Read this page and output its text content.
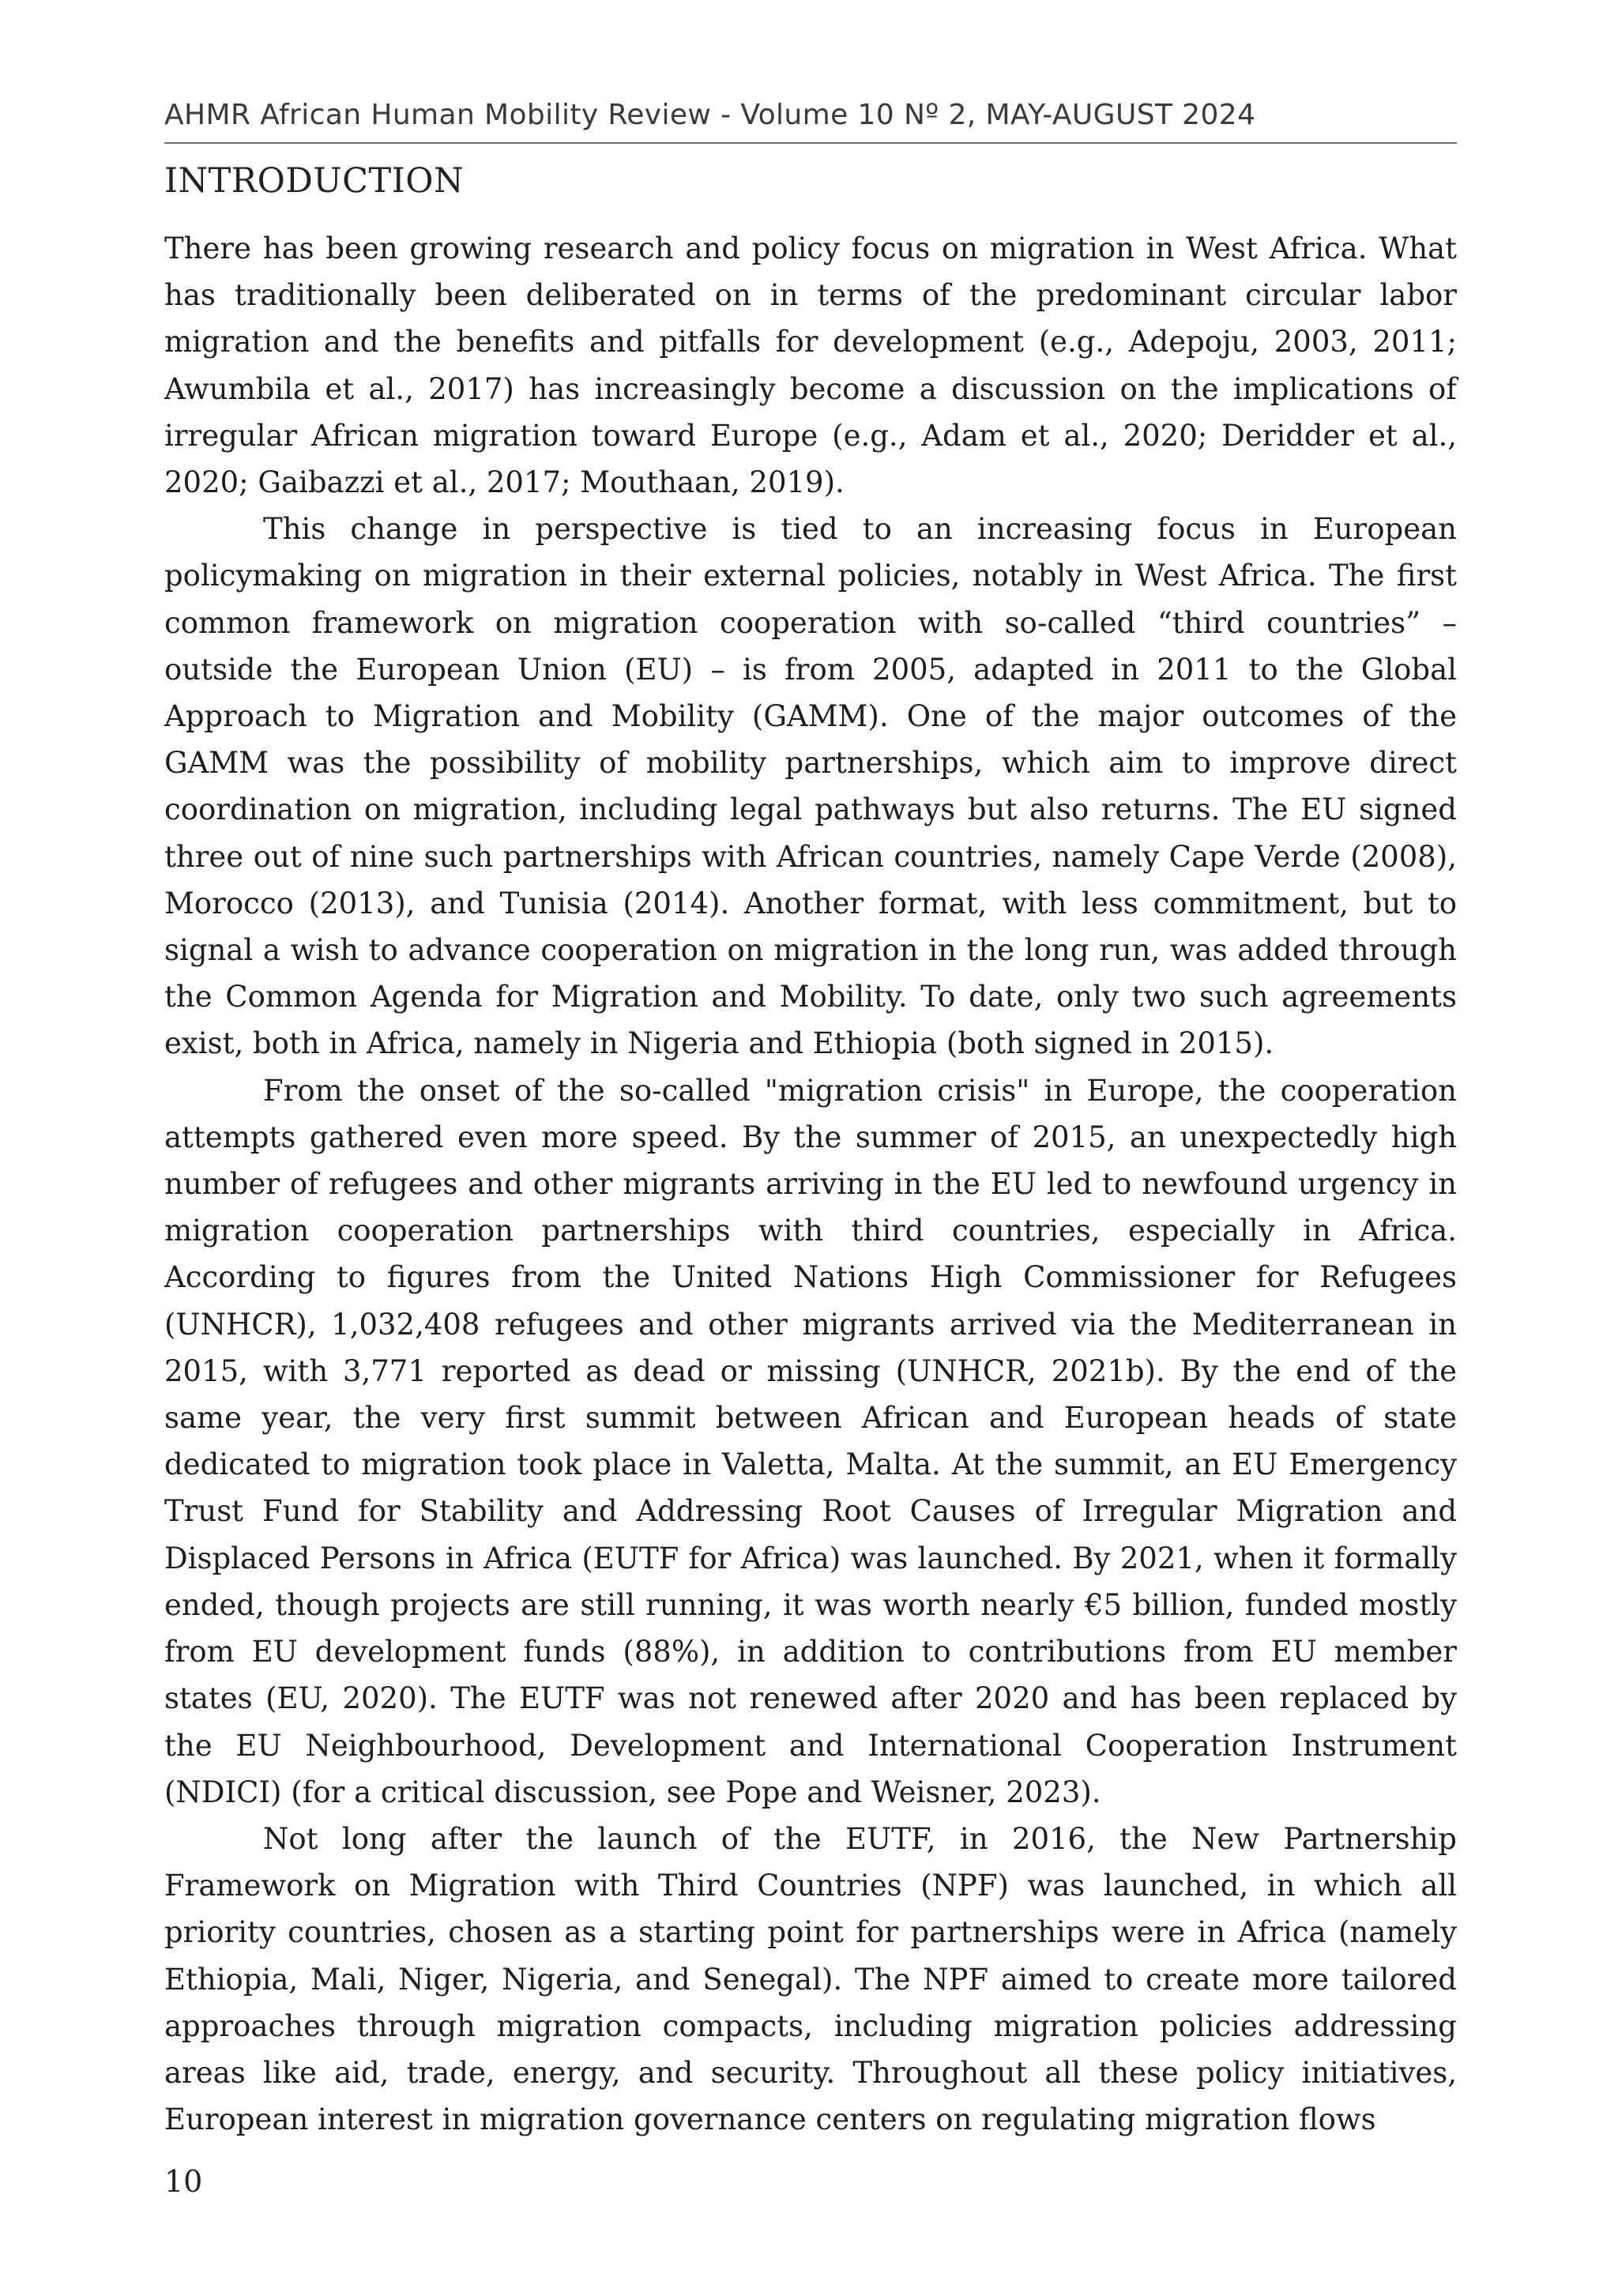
AHMR African Human Mobility Review - Volume 10 Nº 2, MAY-AUGUST 2024
INTRODUCTION

There has been growing research and policy focus on migration in West Africa. What has traditionally been deliberated on in terms of the predominant circular labor migration and the benefits and pitfalls for development (e.g., Adepoju, 2003, 2011; Awumbila et al., 2017) has increasingly become a discussion on the implications of irregular African migration toward Europe (e.g., Adam et al., 2020; Deridder et al., 2020; Gaibazzi et al., 2017; Mouthaan, 2019).

This change in perspective is tied to an increasing focus in European policymaking on migration in their external policies, notably in West Africa. The first common framework on migration cooperation with so-called “third countries” – outside the European Union (EU) – is from 2005, adapted in 2011 to the Global Approach to Migration and Mobility (GAMM). One of the major outcomes of the GAMM was the possibility of mobility partnerships, which aim to improve direct coordination on migration, including legal pathways but also returns. The EU signed three out of nine such partnerships with African countries, namely Cape Verde (2008), Morocco (2013), and Tunisia (2014). Another format, with less commitment, but to signal a wish to advance cooperation on migration in the long run, was added through the Common Agenda for Migration and Mobility. To date, only two such agreements exist, both in Africa, namely in Nigeria and Ethiopia (both signed in 2015).

From the onset of the so-called "migration crisis" in Europe, the cooperation attempts gathered even more speed. By the summer of 2015, an unexpectedly high number of refugees and other migrants arriving in the EU led to newfound urgency in migration cooperation partnerships with third countries, especially in Africa. According to figures from the United Nations High Commissioner for Refugees (UNHCR), 1,032,408 refugees and other migrants arrived via the Mediterranean in 2015, with 3,771 reported as dead or missing (UNHCR, 2021b). By the end of the same year, the very first summit between African and European heads of state dedicated to migration took place in Valetta, Malta. At the summit, an EU Emergency Trust Fund for Stability and Addressing Root Causes of Irregular Migration and Displaced Persons in Africa (EUTF for Africa) was launched. By 2021, when it formally ended, though projects are still running, it was worth nearly €5 billion, funded mostly from EU development funds (88%), in addition to contributions from EU member states (EU, 2020). The EUTF was not renewed after 2020 and has been replaced by the EU Neighbourhood, Development and International Cooperation Instrument (NDICI) (for a critical discussion, see Pope and Weisner, 2023).

Not long after the launch of the EUTF, in 2016, the New Partnership Framework on Migration with Third Countries (NPF) was launched, in which all priority countries, chosen as a starting point for partnerships were in Africa (namely Ethiopia, Mali, Niger, Nigeria, and Senegal). The NPF aimed to create more tailored approaches through migration compacts, including migration policies addressing areas like aid, trade, energy, and security. Throughout all these policy initiatives, European interest in migration governance centers on regulating migration flows

10
